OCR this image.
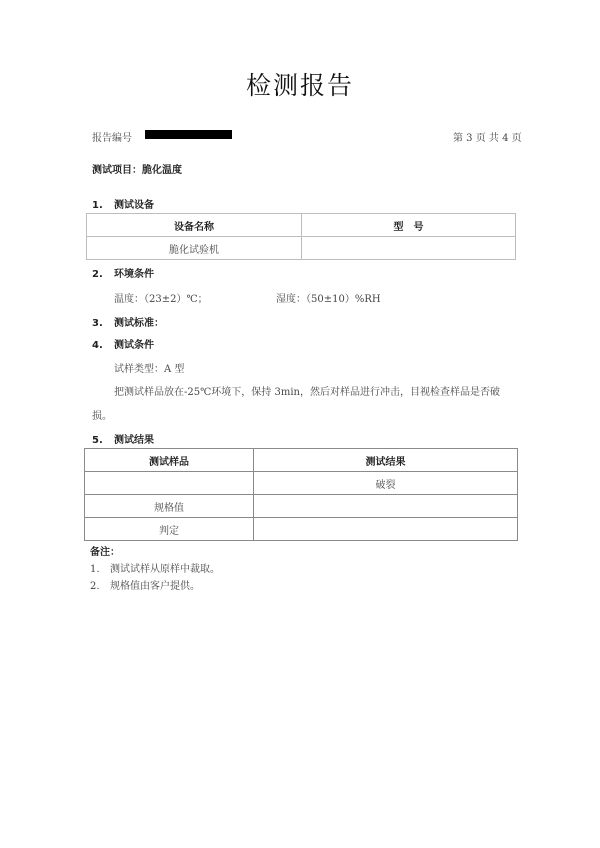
检测报告
报告编号	第 3 页 共 4 页
测试项目：脆化温度
1. 测试设备
设备名称	型　号
脆化试验机	
2. 环境条件
温度：（23±2）℃；	湿度：（50±10）%RH
3. 测试标准：
4. 测试条件
试样类型：A 型
把测试样品放在-25℃环境下，保持 3min，然后对样品进行冲击，目视检查样品是否破
损。
5. 测试结果
测试样品	测试结果
	破裂
规格值	
判定	
备注：
1. 测试试样从原样中裁取。
2. 规格值由客户提供。
